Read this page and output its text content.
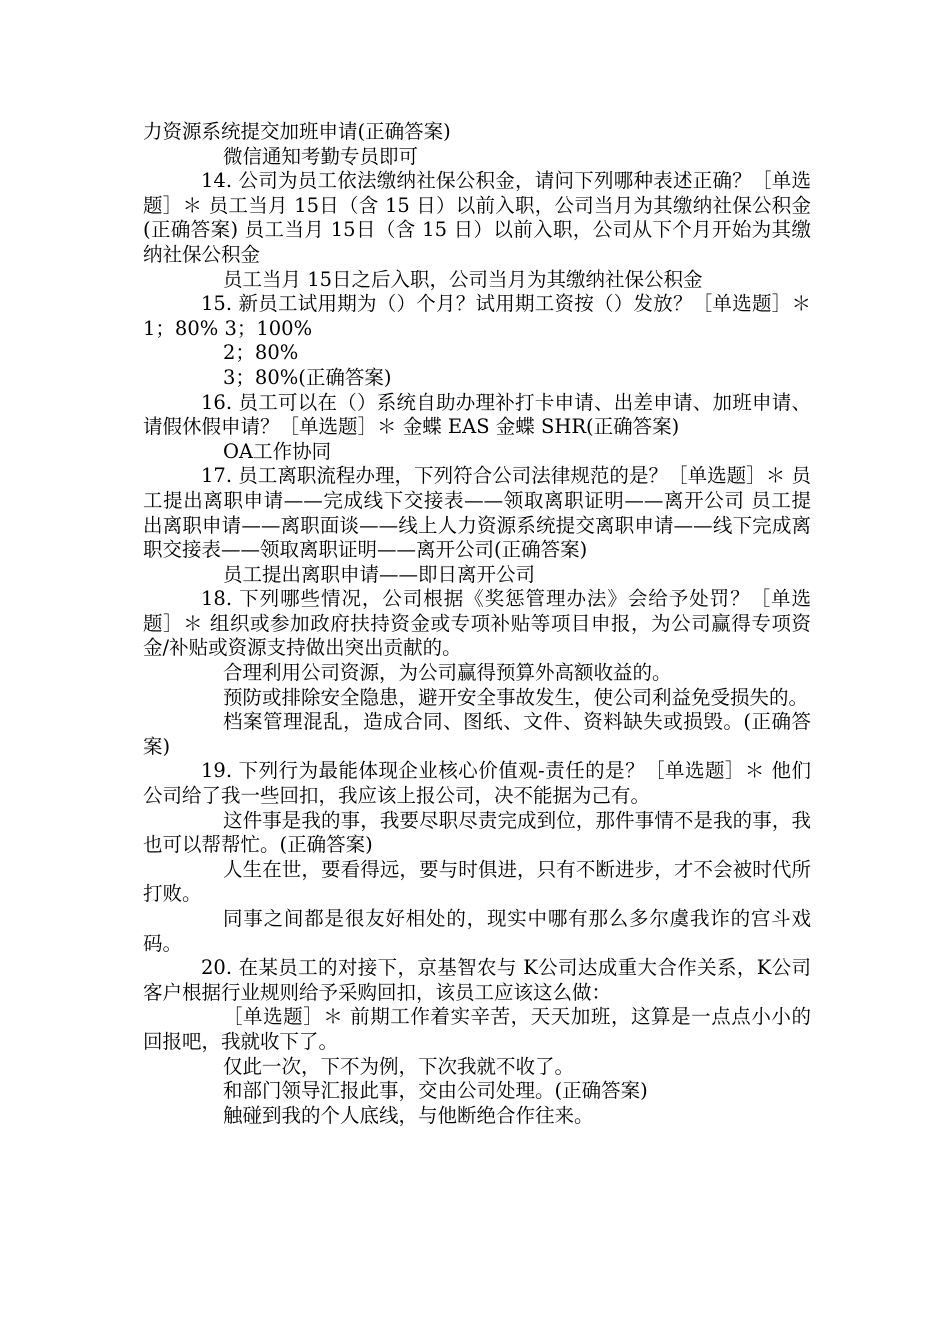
力资源系统提交加班申请(正确答案)

微信通知考勤专员即可

14. 公司为员工依法缴纳社保公积金，请问下列哪种表述正确？［单选题］＊ 员工当月 15日（含 15 日）以前入职，公司当月为其缴纳社保公积金(正确答案) 员工当月 15日（含 15 日）以前入职，公司从下个月开始为其缴纳社保公积金

员工当月 15日之后入职，公司当月为其缴纳社保公积金

15. 新员工试用期为（）个月？试用期工资按（）发放？［单选题］＊ 1；80% 3；100%

2；80%

3；80%(正确答案)

16. 员工可以在（）系统自助办理补打卡申请、出差申请、加班申请、请假休假申请？［单选题］＊ 金蝶 EAS 金蝶 SHR(正确答案)

OA工作协同

17. 员工离职流程办理，下列符合公司法律规范的是？［单选题］＊ 员工提出离职申请——完成线下交接表——领取离职证明——离开公司 员工提出离职申请——离职面谈——线上人力资源系统提交离职申请——线下完成离职交接表——领取离职证明——离开公司(正确答案)

员工提出离职申请——即日离开公司

18. 下列哪些情况，公司根据《奖惩管理办法》会给予处罚？［单选题］＊ 组织或参加政府扶持资金或专项补贴等项目申报，为公司赢得专项资金/补贴或资源支持做出突出贡献的。

合理利用公司资源，为公司赢得预算外高额收益的。

预防或排除安全隐患，避开安全事故发生，使公司利益免受损失的。

档案管理混乱，造成合同、图纸、文件、资料缺失或损毁。(正确答案)

19. 下列行为最能体现企业核心价值观-责任的是？［单选题］＊ 他们公司给了我一些回扣，我应该上报公司，决不能据为己有。

这件事是我的事，我要尽职尽责完成到位，那件事情不是我的事，我也可以帮帮忙。(正确答案)

人生在世，要看得远，要与时俱进，只有不断进步，才不会被时代所打败。

同事之间都是很友好相处的，现实中哪有那么多尔虞我诈的宫斗戏码。

20. 在某员工的对接下，京基智农与 K公司达成重大合作关系，K公司客户根据行业规则给予采购回扣，该员工应该这么做：

［单选题］＊ 前期工作着实辛苦，天天加班，这算是一点点小小的回报吧，我就收下了。

仅此一次，下不为例，下次我就不收了。

和部门领导汇报此事，交由公司处理。(正确答案)

触碰到我的个人底线，与他断绝合作往来。
